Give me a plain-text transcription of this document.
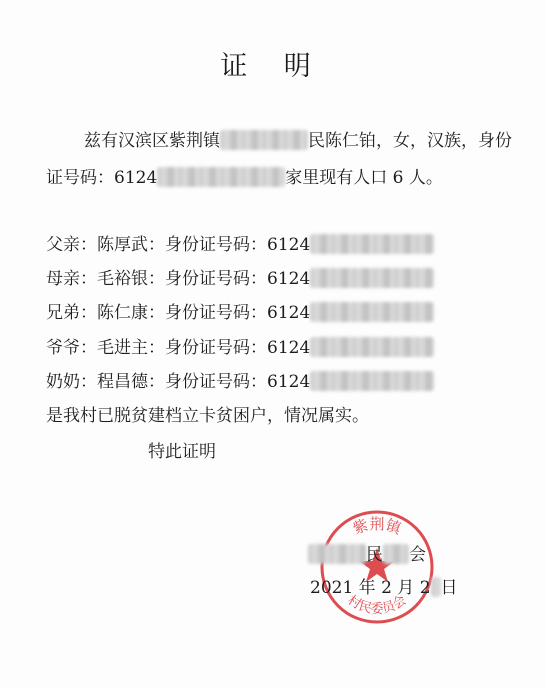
证 明
兹有汉滨区紫荆镇	民陈仁铂，女，汉族，身份
证号码：6124	家里现有人口 6 人。
父亲：陈厚武：身份证号码：6124
母亲：毛裕银：身份证号码：6124
兄弟：陈仁康：身份证号码：6124
爷爷：毛进主：身份证号码：6124
奶奶：程昌德：身份证号码：6124
是我村已脱贫建档立卡贫困户，情况属实。
特此证明
紫荆镇
村民委员会
民 会
2021 年 2 月 2 日
